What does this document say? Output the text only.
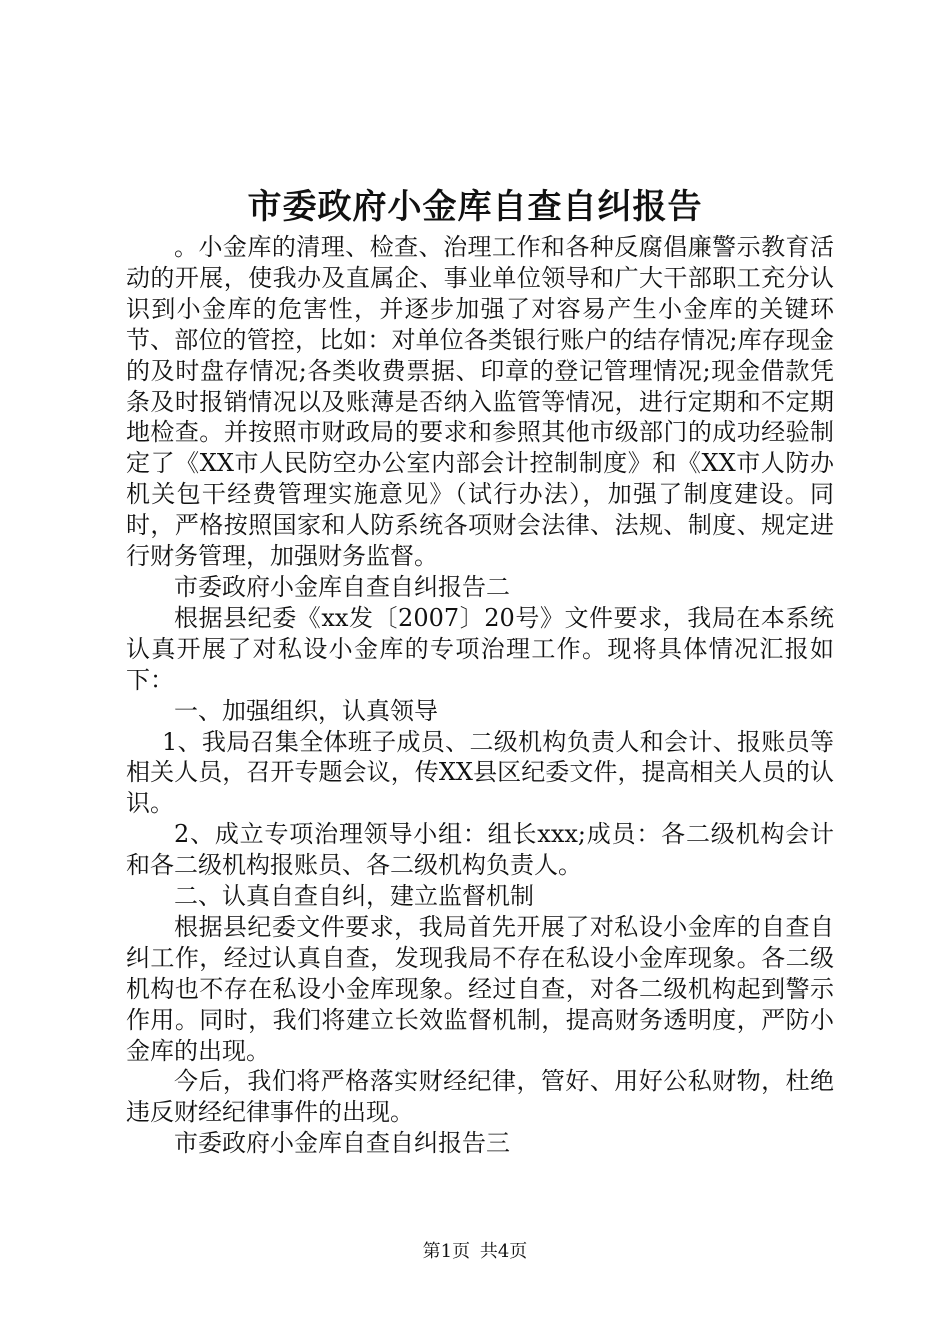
市委政府小金库自查自纠报告

。小金库的清理、检查、治理工作和各种反腐倡廉警示教育活动的开展，使我办及直属企、事业单位领导和广大干部职工充分认识到小金库的危害性，并逐步加强了对容易产生小金库的关键环节、部位的管控，比如：对单位各类银行账户的结存情况;库存现金的及时盘存情况;各类收费票据、印章的登记管理情况;现金借款凭条及时报销情况以及账薄是否纳入监管等情况，进行定期和不定期地检查。并按照市财政局的要求和参照其他市级部门的成功经验制定了《XX市人民防空办公室内部会计控制制度》和《XX市人防办机关包干经费管理实施意见》（试行办法），加强了制度建设。同时，严格按照国家和人防系统各项财会法律、法规、制度、规定进行财务管理，加强财务监督。

市委政府小金库自查自纠报告二

根据县纪委《xx发〔2007〕20号》文件要求，我局在本系统认真开展了对私设小金库的专项治理工作。现将具体情况汇报如下：

一、加强组织，认真领导

1、我局召集全体班子成员、二级机构负责人和会计、报账员等相关人员，召开专题会议，传XX县区纪委文件，提高相关人员的认识。

2、成立专项治理领导小组：组长xxx;成员：各二级机构会计和各二级机构报账员、各二级机构负责人。

二、认真自查自纠，建立监督机制

根据县纪委文件要求，我局首先开展了对私设小金库的自查自纠工作，经过认真自查，发现我局不存在私设小金库现象。各二级机构也不存在私设小金库现象。经过自查，对各二级机构起到警示作用。同时，我们将建立长效监督机制，提高财务透明度，严防小金库的出现。

今后，我们将严格落实财经纪律，管好、用好公私财物，杜绝违反财经纪律事件的出现。

市委政府小金库自查自纠报告三

第1页 共4页
